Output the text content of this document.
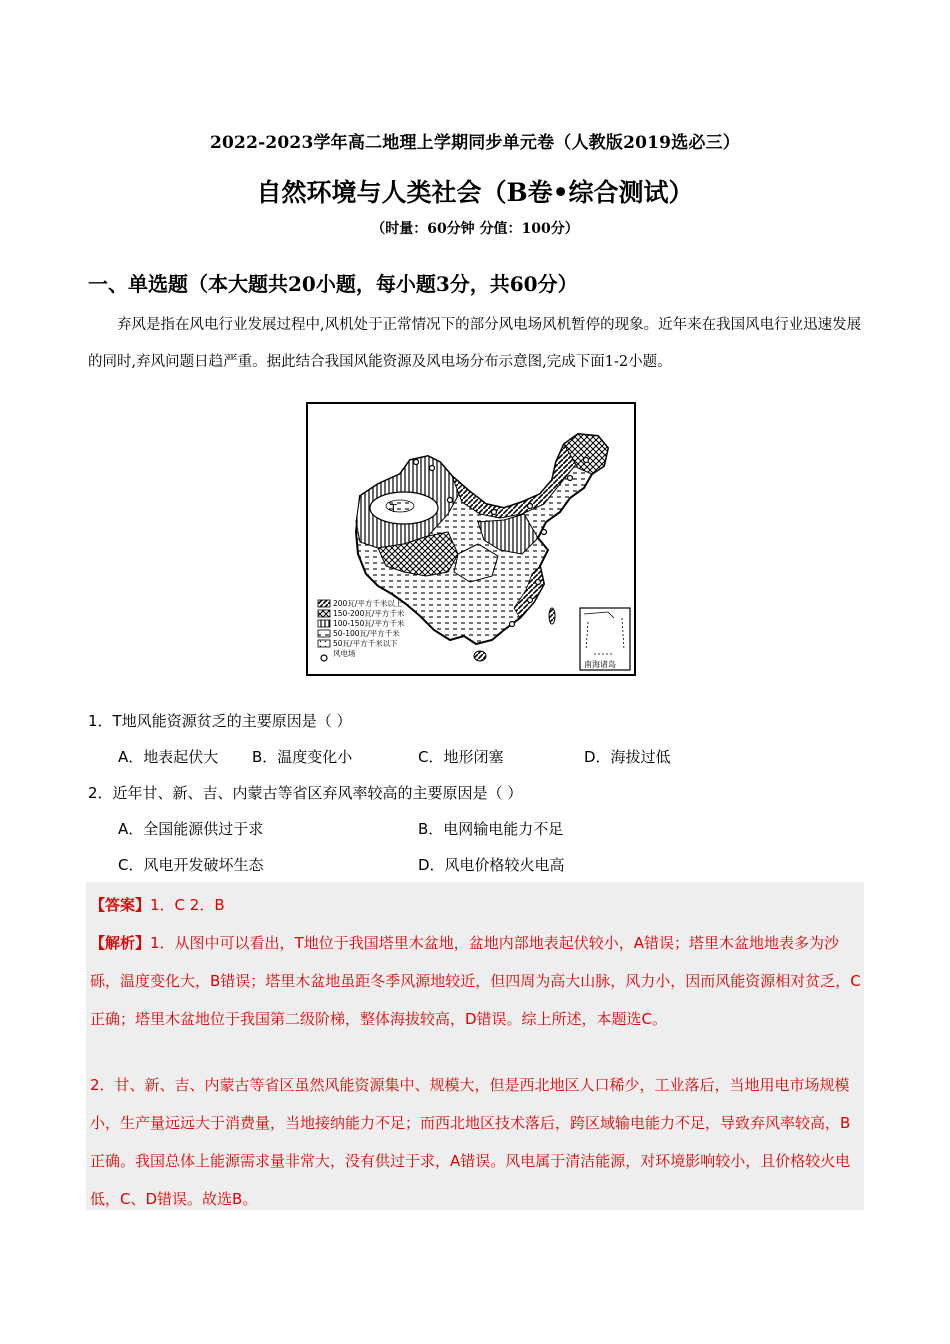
2022-2023学年高二地理上学期同步单元卷（人教版2019选必三）
自然环境与人类社会（B卷•综合测试）
（时量：60分钟 分值：100分）
一、单选题（本大题共20小题，每小题3分，共60分）
弃风是指在风电行业发展过程中,风机处于正常情况下的部分风电场风机暂停的现象。近年来在我国风电行业迅速发展的同时,弃风问题日趋严重。据此结合我国风能资源及风电场分布示意图,完成下面1-2小题。
T
200瓦/平方千米以上
150-200瓦/平方千米
100-150瓦/平方千米
50-100瓦/平方千米
50瓦/平方千米以下
风电场
南海诸岛
1．T地风能资源贫乏的主要原因是（ ）
A．地表起伏大 B．温度变化小	C．地形闭塞	D．海拔过低
2．近年甘、新、吉、内蒙古等省区弃风率较高的主要原因是（ ）
A．全国能源供过于求	B．电网输电能力不足
C．风电开发破坏生态	D．风电价格较火电高
【答案】1．C 2．B
【解析】1．从图中可以看出，T地位于我国塔里木盆地，盆地内部地表起伏较小，A错误；塔里木盆地地表多为沙砾，温度变化大，B错误；塔里木盆地虽距冬季风源地较近，但四周为高大山脉，风力小，因而风能资源相对贫乏，C正确；塔里木盆地位于我国第二级阶梯，整体海拔较高，D错误。综上所述，本题选C。
2．甘、新、吉、内蒙古等省区虽然风能资源集中、规模大，但是西北地区人口稀少，工业落后，当地用电市场规模小，生产量远远大于消费量，当地接纳能力不足；而西北地区技术落后，跨区域输电能力不足，导致弃风率较高，B正确。我国总体上能源需求量非常大，没有供过于求，A错误。风电属于清洁能源，对环境影响较小，且价格较火电低，C、D错误。故选B。
